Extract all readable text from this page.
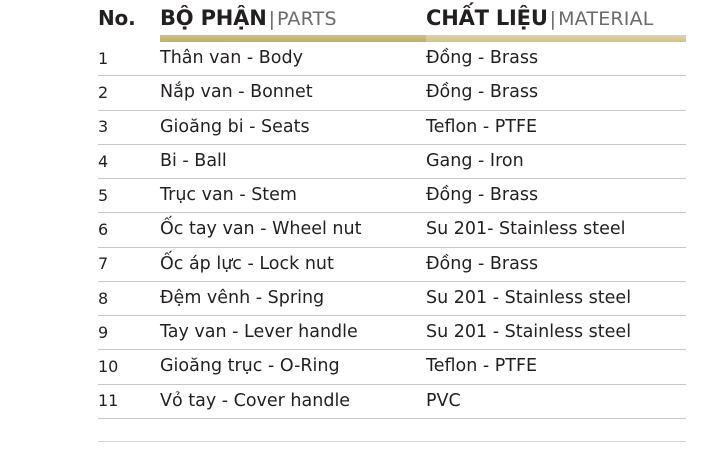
No.	BỘ PHẬN | PARTS	CHẤT LIỆU | MATERIAL

1	Thân van - Body	Đồng - Brass
2	Nắp van - Bonnet	Đồng - Brass
3	Gioăng bi - Seats	Teflon - PTFE
4	Bi - Ball	Gang - Iron
5	Trục van - Stem	Đồng - Brass
6	Ốc tay van - Wheel nut	Su 201- Stainless steel
7	Ốc áp lực - Lock nut	Đồng - Brass
8	Đệm vênh - Spring	Su 201 - Stainless steel
9	Tay van - Lever handle	Su 201 - Stainless steel
10	Gioăng trục - O-Ring	Teflon - PTFE
11	Vỏ tay - Cover handle	PVC
